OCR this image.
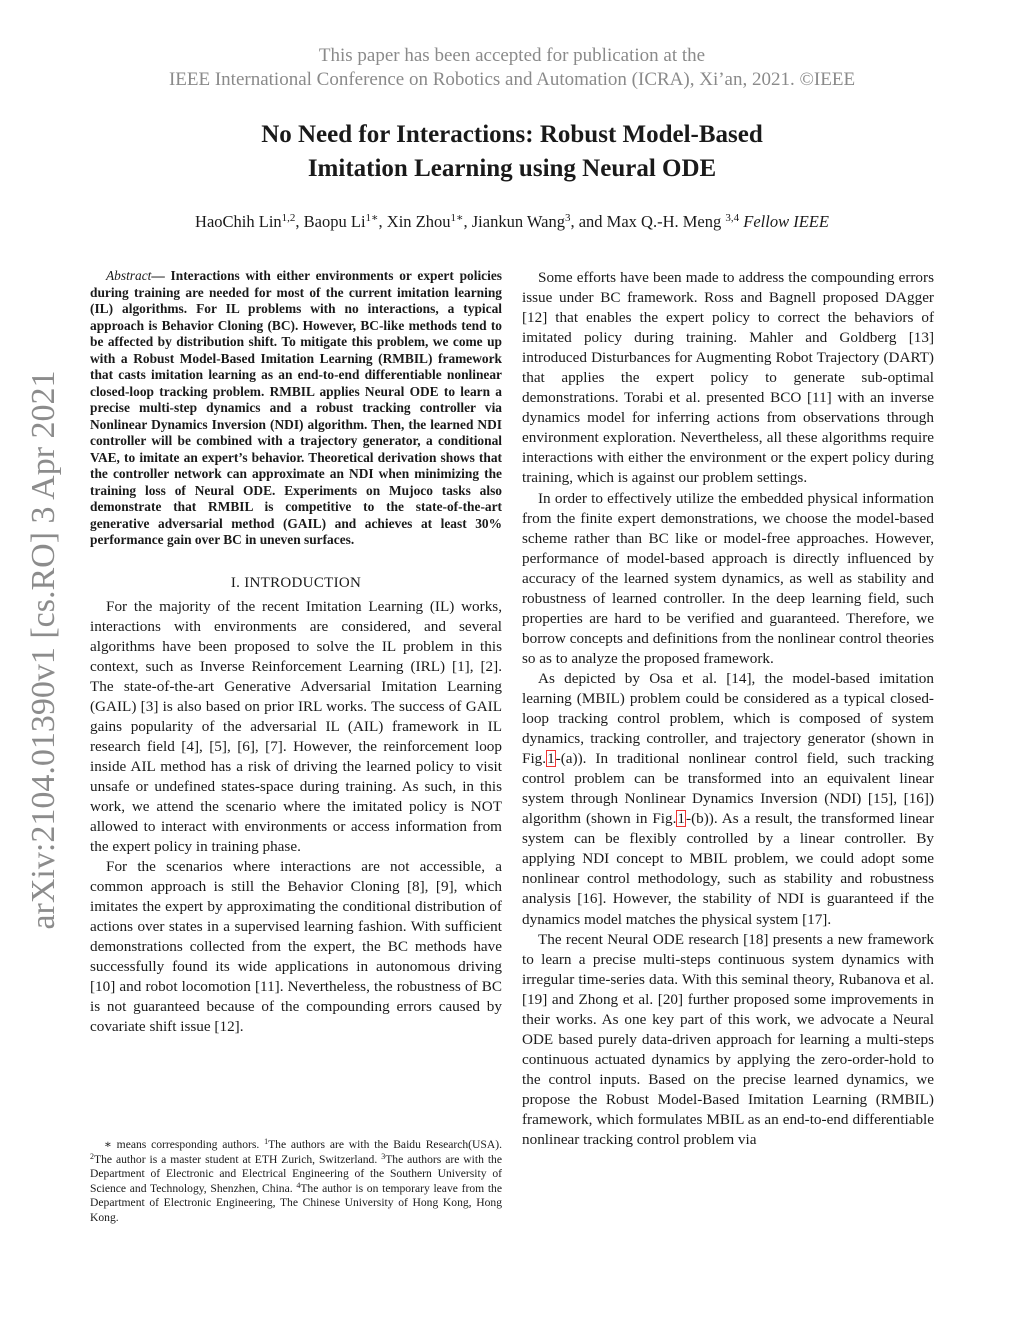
This paper has been accepted for publication at the
IEEE International Conference on Robotics and Automation (ICRA), Xi’an, 2021. ©IEEE
No Need for Interactions: Robust Model-Based
Imitation Learning using Neural ODE
HaoChih Lin$^{1,2}$, Baopu $Li^{1∗}$, Xin Zhou$^{1∗}$, Jiankun Wang$^3$, and Max Q.-H. Meng $^{3,4}$ Fellow IEEE
arXiv:2104.01390v1 [cs.RO] 3 Apr 2021

Abstract— Interactions with either environments or expert policies during training are needed for most of the current imitation learning (IL) algorithms. For IL problems with no interactions, a typical approach is Behavior Cloning (BC). However, BC-like methods tend to be affected by distribution shift. To mitigate this problem, we come up with a Robust Model-Based Imitation Learning (RMBIL) framework that casts imitation learning as an end-to-end differentiable nonlinear closed-loop tracking problem. RMBIL applies Neural ODE to learn a precise multi-step dynamics and a robust tracking controller via Nonlinear Dynamics Inversion (NDI) algorithm. Then, the learned NDI controller will be combined with a trajectory generator, a conditional VAE, to imitate an expert’s behavior. Theoretical derivation shows that the controller network can approximate an NDI when minimizing the training loss of Neural ODE. Experiments on Mujoco tasks also demonstrate that RMBIL is competitive to the state-of-the-art generative adversarial method (GAIL) and achieves at least 30% performance gain over BC in uneven surfaces.

I. INTRODUCTION

For the majority of the recent Imitation Learning (IL) works, interactions with environments are considered, and several algorithms have been proposed to solve the IL problem in this context, such as Inverse Reinforcement Learning (IRL) [1], [2]. The state-of-the-art Generative Adversarial Imitation Learning (GAIL) [3] is also based on prior IRL works. The success of GAIL gains popularity of the adversarial IL (AIL) framework in IL research field [4], [5], [6], [7]. However, the reinforcement loop inside AIL method has a risk of driving the learned policy to visit unsafe or undefined states-space during training. As such, in this work, we attend the scenario where the imitated policy is NOT allowed to interact with environments or access information from the expert policy in training phase.

For the scenarios where interactions are not accessible, a common approach is still the Behavior Cloning [8], [9], which imitates the expert by approximating the conditional distribution of actions over states in a supervised learning fashion. With sufficient demonstrations collected from the expert, the BC methods have successfully found its wide applications in autonomous driving [10] and robot locomotion [11]. Nevertheless, the robustness of BC is not guaranteed because of the compounding errors caused by covariate shift issue [12].

∗ means corresponding authors. $^1$The authors are with the Baidu Research(USA). $^2$The author is a master student at ETH Zurich, Switzerland. $^3$The authors are with the Department of Electronic and Electrical Engineering of the Southern University of Science and Technology, Shenzhen, China. $^4$The author is on temporary leave from the Department of Electronic Engineering, The Chinese University of Hong Kong, Hong Kong.

Some efforts have been made to address the compounding errors issue under BC framework. Ross and Bagnell proposed DAgger [12] that enables the expert policy to correct the behaviors of imitated policy during training. Mahler and Goldberg [13] introduced Disturbances for Augmenting Robot Trajectory (DART) that applies the expert policy to generate sub-optimal demonstrations. Torabi et al. presented BCO [11] with an inverse dynamics model for inferring actions from observations through environment exploration. Nevertheless, all these algorithms require interactions with either the environment or the expert policy during training, which is against our problem settings.

In order to effectively utilize the embedded physical information from the finite expert demonstrations, we choose the model-based scheme rather than BC like or model-free approaches. However, performance of model-based approach is directly influenced by accuracy of the learned system dynamics, as well as stability and robustness of learned controller. In the deep learning field, such properties are hard to be verified and guaranteed. Therefore, we borrow concepts and definitions from the nonlinear control theories so as to analyze the proposed framework.

As depicted by Osa et al. [14], the model-based imitation learning (MBIL) problem could be considered as a typical closed-loop tracking control problem, which is composed of system dynamics, tracking controller, and trajectory generator (shown in Fig.1-(a)). In traditional nonlinear control field, such tracking control problem can be transformed into an equivalent linear system through Nonlinear Dynamics Inversion (NDI) [15], [16]) algorithm (shown in Fig.1-(b)). As a result, the transformed linear system can be flexibly controlled by a linear controller. By applying NDI concept to MBIL problem, we could adopt some nonlinear control methodology, such as stability and robustness analysis [16]. However, the stability of NDI is guaranteed if the dynamics model matches the physical system [17].

The recent Neural ODE research [18] presents a new framework to learn a precise multi-steps continuous system dynamics with irregular time-series data. With this seminal theory, Rubanova et al. [19] and Zhong et al. [20] further proposed some improvements in their works. As one key part of this work, we advocate a Neural ODE based purely data-driven approach for learning a multi-steps continuous actuated dynamics by applying the zero-order-hold to the control inputs. Based on the precise learned dynamics, we propose the Robust Model-Based Imitation Learning (RMBIL) framework, which formulates MBIL as an end-to-end differentiable nonlinear tracking control problem via
